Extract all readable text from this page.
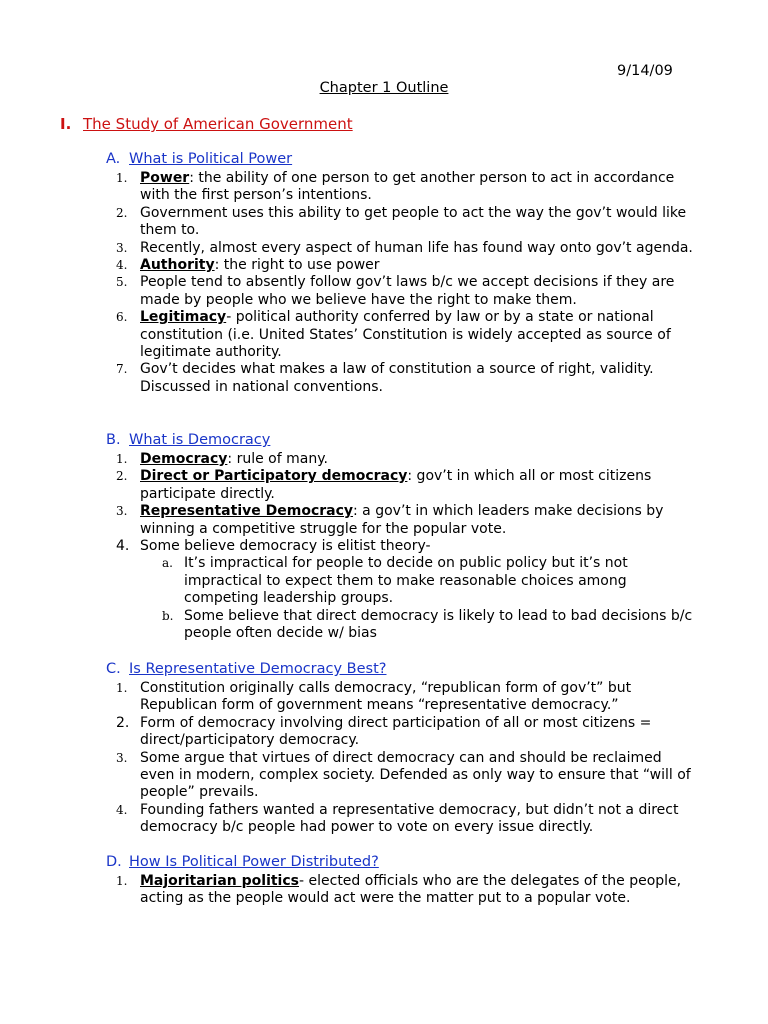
9/14/09
Chapter 1 Outline
I. The Study of American Government
A. What is Political Power
1. Power: the ability of one person to get another person to act in accordance with the first person’s intentions.
2. Government uses this ability to get people to act the way the gov’t would like them to.
3. Recently, almost every aspect of human life has found way onto gov’t agenda.
4. Authority: the right to use power
5. People tend to absently follow gov’t laws b/c we accept decisions if they are made by people who we believe have the right to make them.
6. Legitimacy- political authority conferred by law or by a state or national constitution (i.e. United States’ Constitution is widely accepted as source of legitimate authority.
7. Gov’t decides what makes a law of constitution a source of right, validity. Discussed in national conventions.
B. What is Democracy
1. Democracy: rule of many.
2. Direct or Participatory democracy: gov’t in which all or most citizens participate directly.
3. Representative Democracy: a gov’t in which leaders make decisions by winning a competitive struggle for the popular vote.
4. Some believe democracy is elitist theory-
a. It’s impractical for people to decide on public policy but it’s not impractical to expect them to make reasonable choices among competing leadership groups.
b. Some believe that direct democracy is likely to lead to bad decisions b/c people often decide w/ bias
C. Is Representative Democracy Best?
1. Constitution originally calls democracy, “republican form of gov’t” but Republican form of government means “representative democracy.”
2. Form of democracy involving direct participation of all or most citizens = direct/participatory democracy.
3. Some argue that virtues of direct democracy can and should be reclaimed even in modern, complex society. Defended as only way to ensure that “will of people” prevails.
4. Founding fathers wanted a representative democracy, but didn’t not a direct democracy b/c people had power to vote on every issue directly.
D. How Is Political Power Distributed?
1. Majoritarian politics- elected officials who are the delegates of the people, acting as the people would act were the matter put to a popular vote.
